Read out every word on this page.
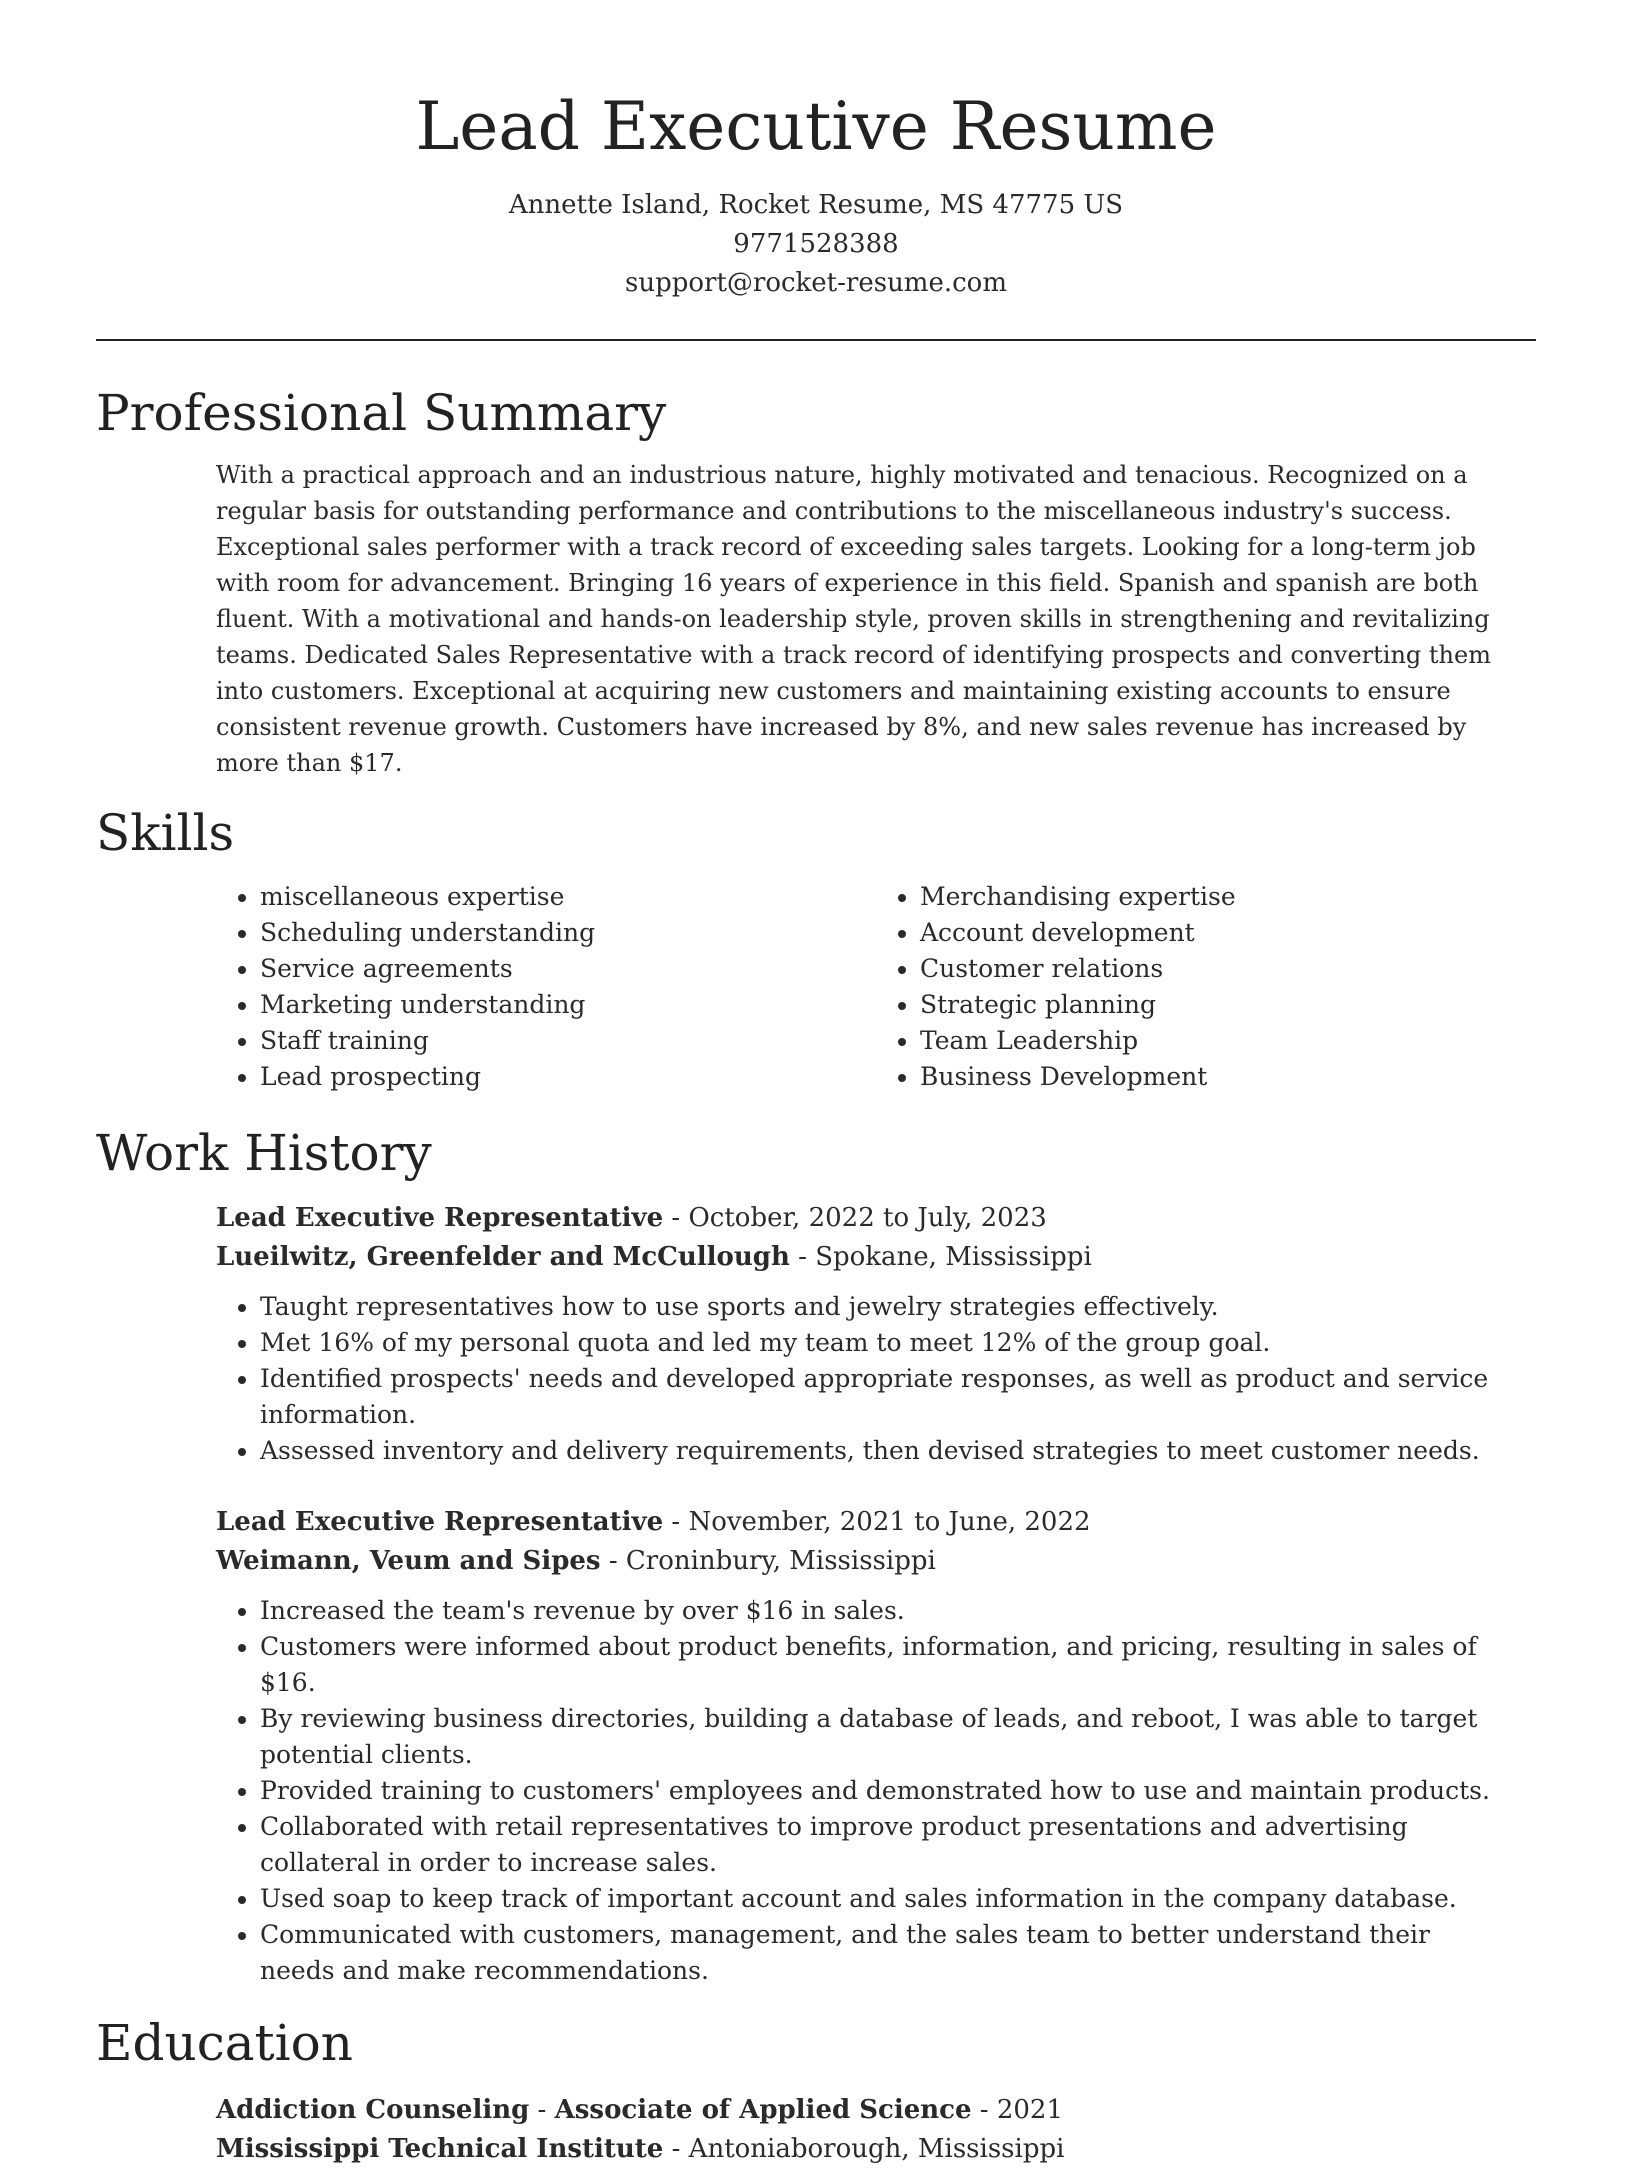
Lead Executive Resume
Annette Island, Rocket Resume, MS 47775 US
9771528388
support@rocket-resume.com
Professional Summary
With a practical approach and an industrious nature, highly motivated and tenacious. Recognized on a regular basis for outstanding performance and contributions to the miscellaneous industry's success. Exceptional sales performer with a track record of exceeding sales targets. Looking for a long-term job with room for advancement. Bringing 16 years of experience in this field. Spanish and spanish are both fluent. With a motivational and hands-on leadership style, proven skills in strengthening and revitalizing teams. Dedicated Sales Representative with a track record of identifying prospects and converting them into customers. Exceptional at acquiring new customers and maintaining existing accounts to ensure consistent revenue growth. Customers have increased by 8%, and new sales revenue has increased by more than $17.
Skills
• miscellaneous expertise
• Scheduling understanding
• Service agreements
• Marketing understanding
• Staff training
• Lead prospecting
• Merchandising expertise
• Account development
• Customer relations
• Strategic planning
• Team Leadership
• Business Development
Work History
Lead Executive Representative - October, 2022 to July, 2023
Lueilwitz, Greenfelder and McCullough - Spokane, Mississippi
• Taught representatives how to use sports and jewelry strategies effectively.
• Met 16% of my personal quota and led my team to meet 12% of the group goal.
• Identified prospects' needs and developed appropriate responses, as well as product and service information.
• Assessed inventory and delivery requirements, then devised strategies to meet customer needs.
Lead Executive Representative - November, 2021 to June, 2022
Weimann, Veum and Sipes - Croninbury, Mississippi
• Increased the team's revenue by over $16 in sales.
• Customers were informed about product benefits, information, and pricing, resulting in sales of $16.
• By reviewing business directories, building a database of leads, and reboot, I was able to target potential clients.
• Provided training to customers' employees and demonstrated how to use and maintain products.
• Collaborated with retail representatives to improve product presentations and advertising collateral in order to increase sales.
• Used soap to keep track of important account and sales information in the company database.
• Communicated with customers, management, and the sales team to better understand their needs and make recommendations.
Education
Addiction Counseling - Associate of Applied Science - 2021
Mississippi Technical Institute - Antoniaborough, Mississippi
